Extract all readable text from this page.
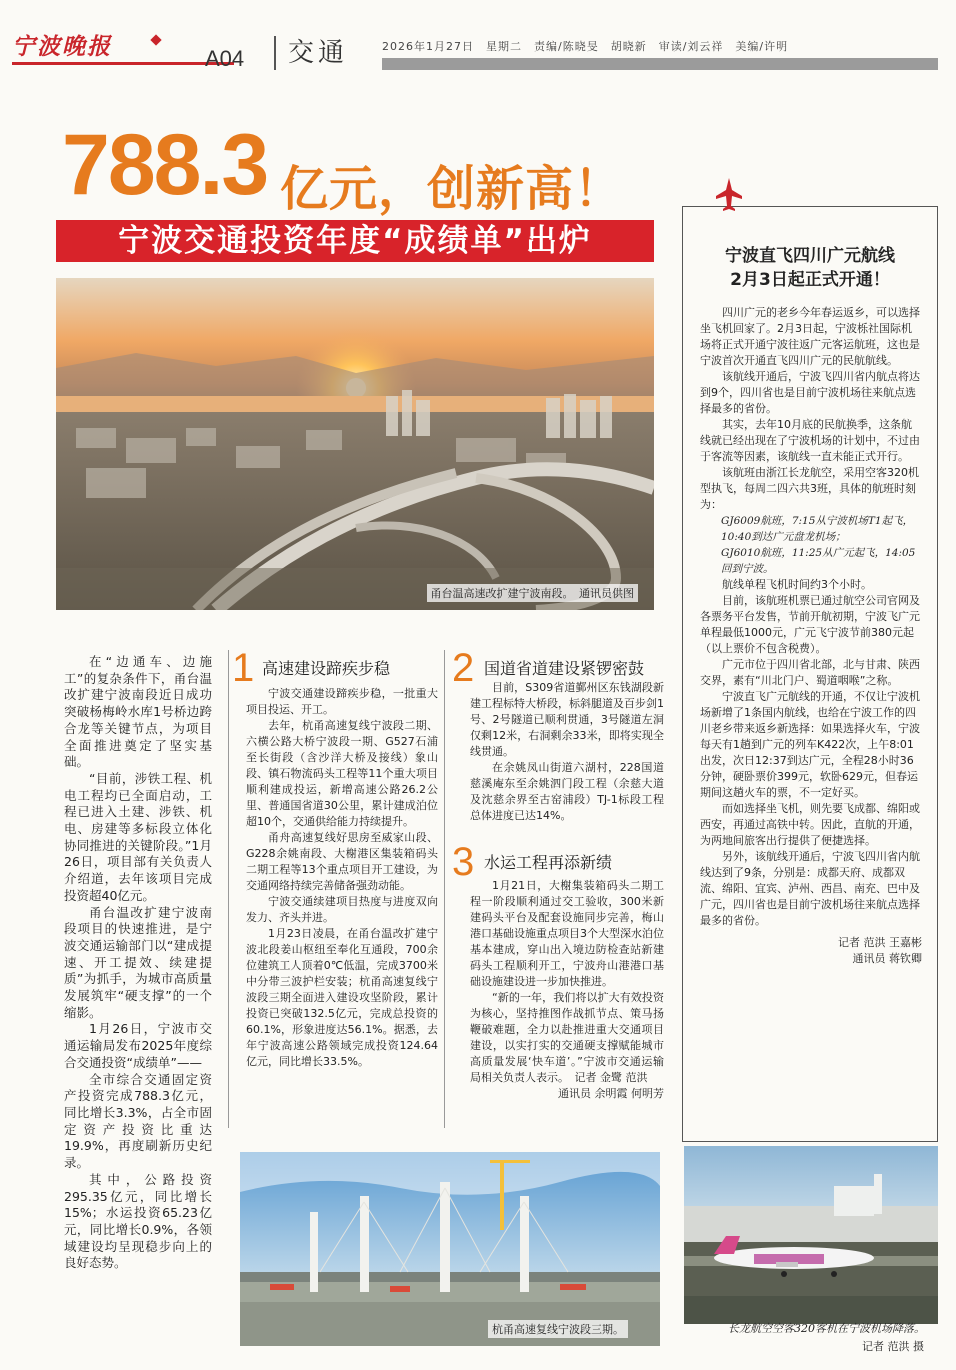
宁波晚报	A04 交通	2026年1月27日　星期二　责编/陈晓旻　胡晓新　审读/刘云祥　美编/许明
788.3 亿元，创新高！
宁波交通投资年度“成绩单”出炉
甬台温高速改扩建宁波南段。　通讯员供图
宁波直飞四川广元航线
2月3日起正式开通！

四川广元的老乡今年春运返乡，可以选择坐飞机回家了。2月3日起，宁波栎社国际机场将正式开通宁波往返广元客运航班，这也是宁波首次开通直飞四川广元的民航航线。

该航线开通后，宁波飞四川省内航点将达到9个，四川省也是目前宁波机场往来航点选择最多的省份。

其实，去年10月底的民航换季，这条航线就已经出现在了宁波机场的计划中，不过由于客流等因素，该航线一直未能正式开行。

该航班由浙江长龙航空，采用空客320机型执飞，每周二四六共3班，具体的航班时刻为：

GJ6009航班，7:15从宁波机场T1起飞，10:40到达广元盘龙机场；

GJ6010航班，11:25从广元起飞，14:05回到宁波。

航线单程飞机时间约3个小时。

目前，该航班机票已通过航空公司官网及各票务平台发售，节前开航初期，宁波飞广元单程最低1000元，广元飞宁波节前380元起（以上票价不包含税费）。

广元市位于四川省北部，北与甘肃、陕西交界，素有“川北门户、蜀道咽喉”之称。

宁波直飞广元航线的开通，不仅让宁波机场新增了1条国内航线，也给在宁波工作的四川老乡带来返乡新选择：如果选择火车，宁波每天有1趟到广元的列车K422次，上午8:01出发，次日12:37到达广元，全程28小时36分钟，硬卧票价399元，软卧629元，但春运期间这趟火车的票，不一定好买。

而如选择坐飞机，则先要飞成都、绵阳或西安，再通过高铁中转。因此，直航的开通，为两地间旅客出行提供了便捷选择。

另外，该航线开通后，宁波飞四川省内航线达到了9条，分别是：成都天府、成都双流、绵阳、宜宾、泸州、西昌、南充、巴中及广元，四川省也是目前宁波机场往来航点选择最多的省份。

记者 范洪 王嘉彬

通讯员 蒋钦卿

在“边通车、边施工”的复杂条件下，甬台温改扩建宁波南段近日成功突破杨梅岭水库1号桥边跨合龙等关键节点，为项目全面推进奠定了坚实基础。

“目前，涉铁工程、机电工程均已全面启动，工程已进入土建、涉铁、机电、房建等多标段立体化协同推进的关键阶段。”1月26日，项目部有关负责人介绍道，去年该项目完成投资超40亿元。

甬台温改扩建宁波南段项目的快速推进，是宁波交通运输部门以“建成提速、开工提效、续建提质”为抓手，为城市高质量发展筑牢“硬支撑”的一个缩影。

1月26日，宁波市交通运输局发布2025年度综合交通投资“成绩单”——

全市综合交通固定资产投资完成788.3亿元，同比增长3.3%，占全市固定资产投资比重达19.9%，再度刷新历史纪录。

其中，公路投资295.35亿元，同比增长15%；水运投资65.23亿元，同比增长0.9%，各领域建设均呈现稳步向上的良好态势。

1 高速建设蹄疾步稳

宁波交通建设蹄疾步稳，一批重大项目投运、开工。

去年，杭甬高速复线宁波段二期、六横公路大桥宁波段一期、G527石浦至长街段（含沙洋大桥及接线）象山段、镇石物流码头工程等11个重大项目顺利建成投运，新增高速公路26.2公里、普通国省道30公里，累计建成泊位超10个，交通供给能力持续提升。

甬舟高速复线好思房至威家山段、G228余姚南段、大榭港区集装箱码头二期工程等13个重点项目开工建设，为交通网络持续完善储备强劲动能。

宁波交通续建项目热度与进度双向发力、齐头并进。

1月23日凌晨，在甬台温改扩建宁波北段姜山枢纽至奉化互通段，700余位建筑工人顶着0℃低温，完成3700米中分带三波护栏安装；杭甬高速复线宁波段三期全面进入建设攻坚阶段，累计投资已突破132.5亿元，完成总投资的60.1%，形象进度达56.1%。据悉，去年宁波高速公路领域完成投资124.64亿元，同比增长33.5%。

2 国道省道建设紧锣密鼓

目前，S309省道鄞州区东钱湖段新建工程标特大桥段，标斜腿道及百步剑1号、2号隧道已顺利贯通，3号隧道左洞仅剩12米，右洞剩余33米，即将实现全线贯通。

在余姚凤山街道六湖村，228国道慈溪庵东至余姚泗门段工程（余慈大道及沈慈余界至古窑浦段）TJ-1标段工程总体进度已达14%。

3 水运工程再添新绩

1月21日，大榭集装箱码头二期工程一阶段顺利通过交工验收，300米新建码头平台及配套设施同步完善，梅山港口基础设施重点项目3个大型深水泊位基本建成，穿山出入境边防检查站新建码头工程顺利开工，宁波舟山港港口基础设施建设进一步加快推进。

“新的一年，我们将以扩大有效投资为核心，坚持推图作战抓节点、策马扬鞭破难题，全力以赴推进重大交通项目建设，以实打实的交通硬支撑赋能城市高质量发展‘快车道’。”宁波市交通运输局相关负责人表示。　记者 金鹭 范洪

通讯员 余明霞 何明芳

杭甬高速复线宁波段三期。	长龙航空空客320客机在宁波机场降落。
记者 范洪 摄
